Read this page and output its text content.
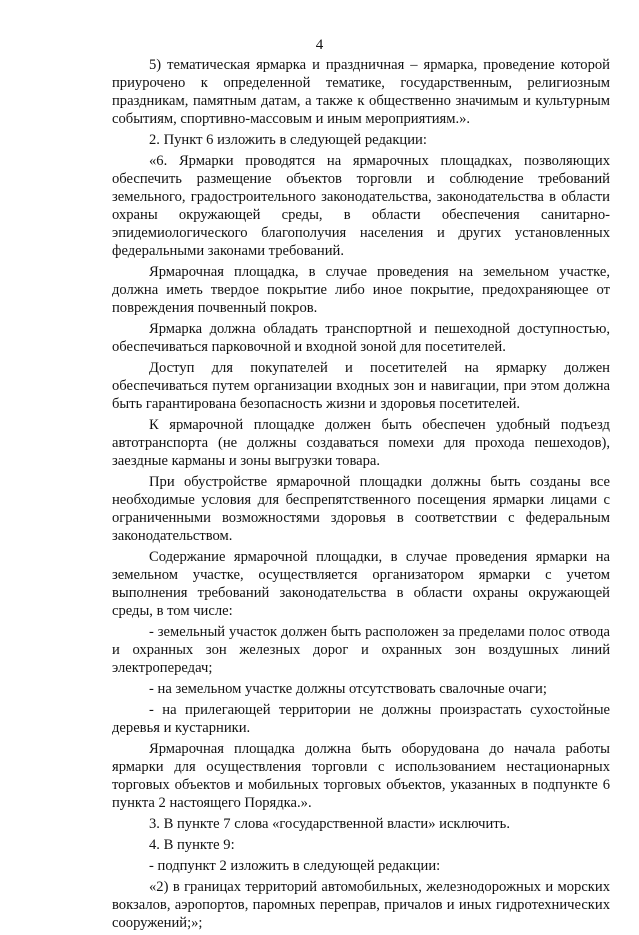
4

5) тематическая ярмарка и праздничная – ярмарка, проведение которой приурочено к определенной тематике, государственным, религиозным праздникам, памятным датам, а также к общественно значимым и культурным событиям, спортивно-массовым и иным мероприятиям.».

2. Пункт 6 изложить в следующей редакции:

«6. Ярмарки проводятся на ярмарочных площадках, позволяющих обеспечить размещение объектов торговли и соблюдение требований земельного, градостроительного законодательства, законодательства в области охраны окружающей среды, в области обеспечения санитарно-эпидемиологического благополучия населения и других установленных федеральными законами требований.

Ярмарочная площадка, в случае проведения на земельном участке, должна иметь твердое покрытие либо иное покрытие, предохраняющее от повреждения почвенный покров.

Ярмарка должна обладать транспортной и пешеходной доступностью, обеспечиваться парковочной и входной зоной для посетителей.

Доступ для покупателей и посетителей на ярмарку должен обеспечиваться путем организации входных зон и навигации, при этом должна быть гарантирована безопасность жизни и здоровья посетителей.

К ярмарочной площадке должен быть обеспечен удобный подъезд автотранспорта (не должны создаваться помехи для прохода пешеходов), заездные карманы и зоны выгрузки товара.

При обустройстве ярмарочной площадки должны быть созданы все необходимые условия для беспрепятственного посещения ярмарки лицами с ограниченными возможностями здоровья в соответствии с федеральным законодательством.

Содержание ярмарочной площадки, в случае проведения ярмарки на земельном участке, осуществляется организатором ярмарки с учетом выполнения требований законодательства в области охраны окружающей среды, в том числе:

- земельный участок должен быть расположен за пределами полос отвода и охранных зон железных дорог и охранных зон воздушных линий электропередач;

- на земельном участке должны отсутствовать свалочные очаги;

- на прилегающей территории не должны произрастать сухостойные деревья и кустарники.

Ярмарочная площадка должна быть оборудована до начала работы ярмарки для осуществления торговли с использованием нестационарных торговых объектов и мобильных торговых объектов, указанных в подпункте 6 пункта 2 настоящего Порядка.».

3. В пункте 7 слова «государственной власти» исключить.

4. В пункте 9:

- подпункт 2 изложить в следующей редакции:

«2) в границах территорий автомобильных, железнодорожных и морских вокзалов, аэропортов, паромных переправ, причалов и иных гидротехнических сооружений;»;
